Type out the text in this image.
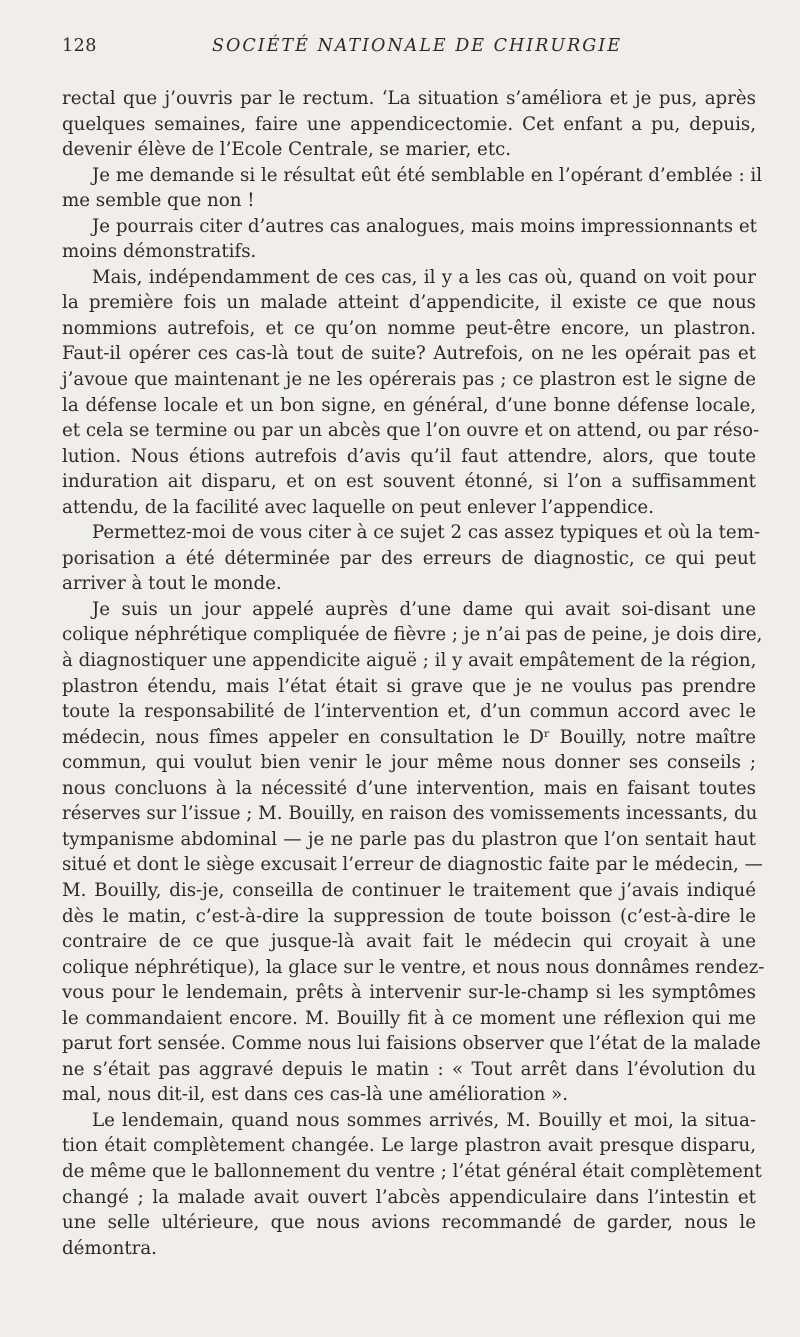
128	SOCIÉTÉ NATIONALE DE CHIRURGIE
rectal que j’ouvris par le rectum. ‘La situation s’améliora et je pus, après
quelques semaines, faire une appendicectomie. Cet enfant a pu, depuis,
devenir élève de l’Ecole Centrale, se marier, etc.
Je me demande si le résultat eût été semblable en l’opérant d’emblée : il
me semble que non !
Je pourrais citer d’autres cas analogues, mais moins impressionnants et
moins démonstratifs.
Mais, indépendamment de ces cas, il y a les cas où, quand on voit pour
la première fois un malade atteint d’appendicite, il existe ce que nous
nommions autrefois, et ce qu’on nomme peut-être encore, un plastron.
Faut-il opérer ces cas-là tout de suite? Autrefois, on ne les opérait pas et
j’avoue que maintenant je ne les opérerais pas ; ce plastron est le signe de
la défense locale et un bon signe, en général, d’une bonne défense locale,
et cela se termine ou par un abcès que l’on ouvre et on attend, ou par réso-
lution. Nous étions autrefois d’avis qu’il faut attendre, alors, que toute
induration ait disparu, et on est souvent étonné, si l’on a suffisamment
attendu, de la facilité avec laquelle on peut enlever l’appendice.
Permettez-moi de vous citer à ce sujet 2 cas assez typiques et où la tem-
porisation a été déterminée par des erreurs de diagnostic, ce qui peut
arriver à tout le monde.
Je suis un jour appelé auprès d’une dame qui avait soi-disant une
colique néphrétique compliquée de fièvre ; je n’ai pas de peine, je dois dire,
à diagnostiquer une appendicite aiguë ; il y avait empâtement de la région,
plastron étendu, mais l’état était si grave que je ne voulus pas prendre
toute la responsabilité de l’intervention et, d’un commun accord avec le
médecin, nous fîmes appeler en consultation le Dʳ Bouilly, notre maître
commun, qui voulut bien venir le jour même nous donner ses conseils ;
nous concluons à la nécessité d’une intervention, mais en faisant toutes
réserves sur l’issue ; M. Bouilly, en raison des vomissements incessants, du
tympanisme abdominal — je ne parle pas du plastron que l’on sentait haut
situé et dont le siège excusait l’erreur de diagnostic faite par le médecin, —
M. Bouilly, dis-je, conseilla de continuer le traitement que j’avais indiqué
dès le matin, c’est-à-dire la suppression de toute boisson (c’est-à-dire le
contraire de ce que jusque-là avait fait le médecin qui croyait à une
colique néphrétique), la glace sur le ventre, et nous nous donnâmes rendez-
vous pour le lendemain, prêts à intervenir sur-le-champ si les symptômes
le commandaient encore. M. Bouilly fit à ce moment une réflexion qui me
parut fort sensée. Comme nous lui faisions observer que l’état de la malade
ne s’était pas aggravé depuis le matin : « Tout arrêt dans l’évolution du
mal, nous dit-il, est dans ces cas-là une amélioration ».
Le lendemain, quand nous sommes arrivés, M. Bouilly et moi, la situa-
tion était complètement changée. Le large plastron avait presque disparu,
de même que le ballonnement du ventre ; l’état général était complètement
changé ; la malade avait ouvert l’abcès appendiculaire dans l’intestin et
une selle ultérieure, que nous avions recommandé de garder, nous le
démontra.
